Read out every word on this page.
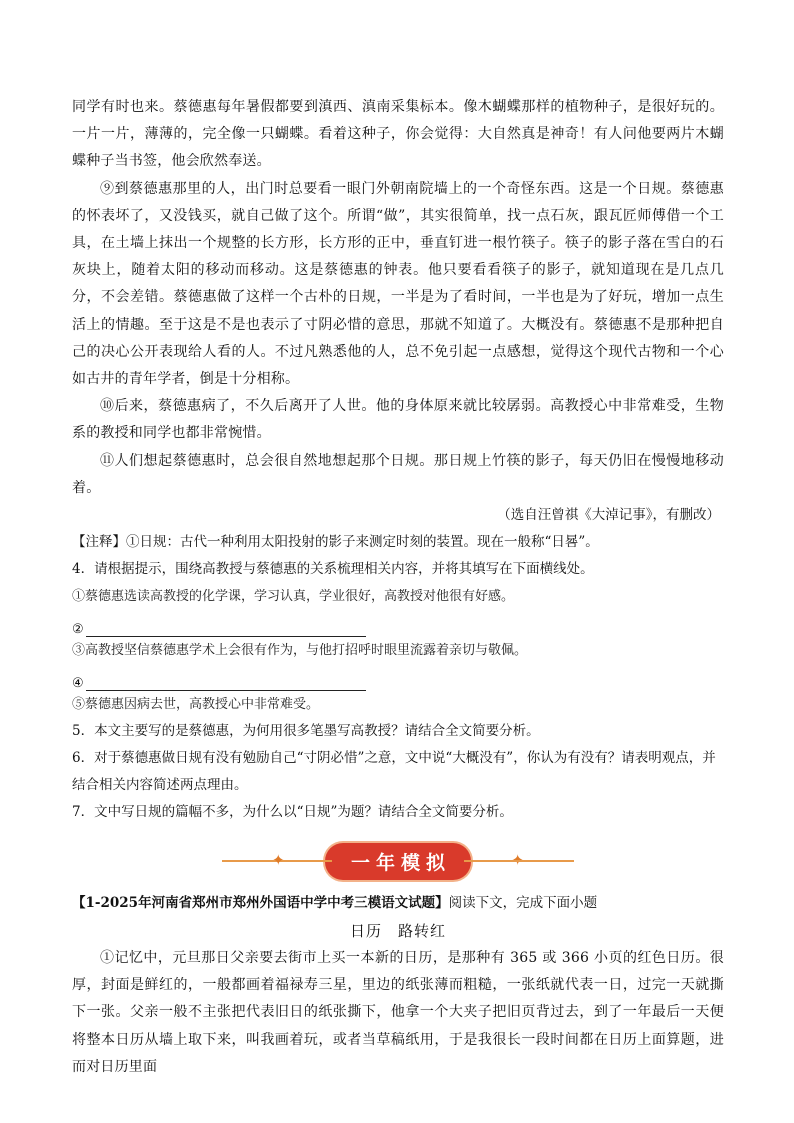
同学有时也来。蔡德惠每年暑假都要到滇西、滇南采集标本。像木蝴蝶那样的植物种子，是很好玩的。一片一片，薄薄的，完全像一只蝴蝶。看着这种子，你会觉得：大自然真是神奇！有人问他要两片木蝴蝶种子当书签，他会欣然奉送。

⑨到蔡德惠那里的人，出门时总要看一眼门外朝南院墙上的一个奇怪东西。这是一个日规。蔡德惠的怀表坏了，又没钱买，就自己做了这个。所谓“做”，其实很简单，找一点石灰，跟瓦匠师傅借一个工具，在土墙上抹出一个规整的长方形，长方形的正中，垂直钉进一根竹筷子。筷子的影子落在雪白的石灰块上，随着太阳的移动而移动。这是蔡德惠的钟表。他只要看看筷子的影子，就知道现在是几点几分，不会差错。蔡德惠做了这样一个古朴的日规，一半是为了看时间，一半也是为了好玩，增加一点生活上的情趣。至于这是不是也表示了寸阴必惜的意思，那就不知道了。大概没有。蔡德惠不是那种把自己的决心公开表现给人看的人。不过凡熟悉他的人，总不免引起一点感想，觉得这个现代古物和一个心如古井的青年学者，倒是十分相称。

⑩后来，蔡德惠病了，不久后离开了人世。他的身体原来就比较孱弱。高教授心中非常难受，生物系的教授和同学也都非常惋惜。

⑪人们想起蔡德惠时，总会很自然地想起那个日规。那日规上竹筷的影子，每天仍旧在慢慢地移动着。

（选自汪曾祺《大淖记事》，有删改）

【注释】①日规：古代一种利用太阳投射的影子来测定时刻的装置。现在一般称“日晷”。

4．请根据提示，围绕高教授与蔡德惠的关系梳理相关内容，并将其填写在下面横线处。

①蔡德惠选读高教授的化学课，学习认真，学业很好，高教授对他很有好感。

②

③高教授坚信蔡德惠学术上会很有作为，与他打招呼时眼里流露着亲切与敬佩。

④

⑤蔡德惠因病去世，高教授心中非常难受。

5．本文主要写的是蔡德惠，为何用很多笔墨写高教授？请结合全文简要分析。

6．对于蔡德惠做日规有没有勉励自己“寸阴必惜”之意，文中说“大概没有”，你认为有没有？请表明观点，并结合相关内容简述两点理由。

7．文中写日规的篇幅不多，为什么以“日规”为题？请结合全文简要分析。

✦	一年模拟

【1-2025年河南省郑州市郑州外国语中学中考三模语文试题】阅读下文，完成下面小题

日历　路转红

①记忆中，元旦那日父亲要去街市上买一本新的日历，是那种有 365 或 366 小页的红色日历。很厚，封面是鲜红的，一般都画着福禄寿三星，里边的纸张薄而粗糙，一张纸就代表一日，过完一天就撕下一张。父亲一般不主张把代表旧日的纸张撕下，他拿一个大夹子把旧页背过去，到了一年最后一天便将整本日历从墙上取下来，叫我画着玩，或者当草稿纸用，于是我很长一段时间都在日历上面算题，进而对日历里面
